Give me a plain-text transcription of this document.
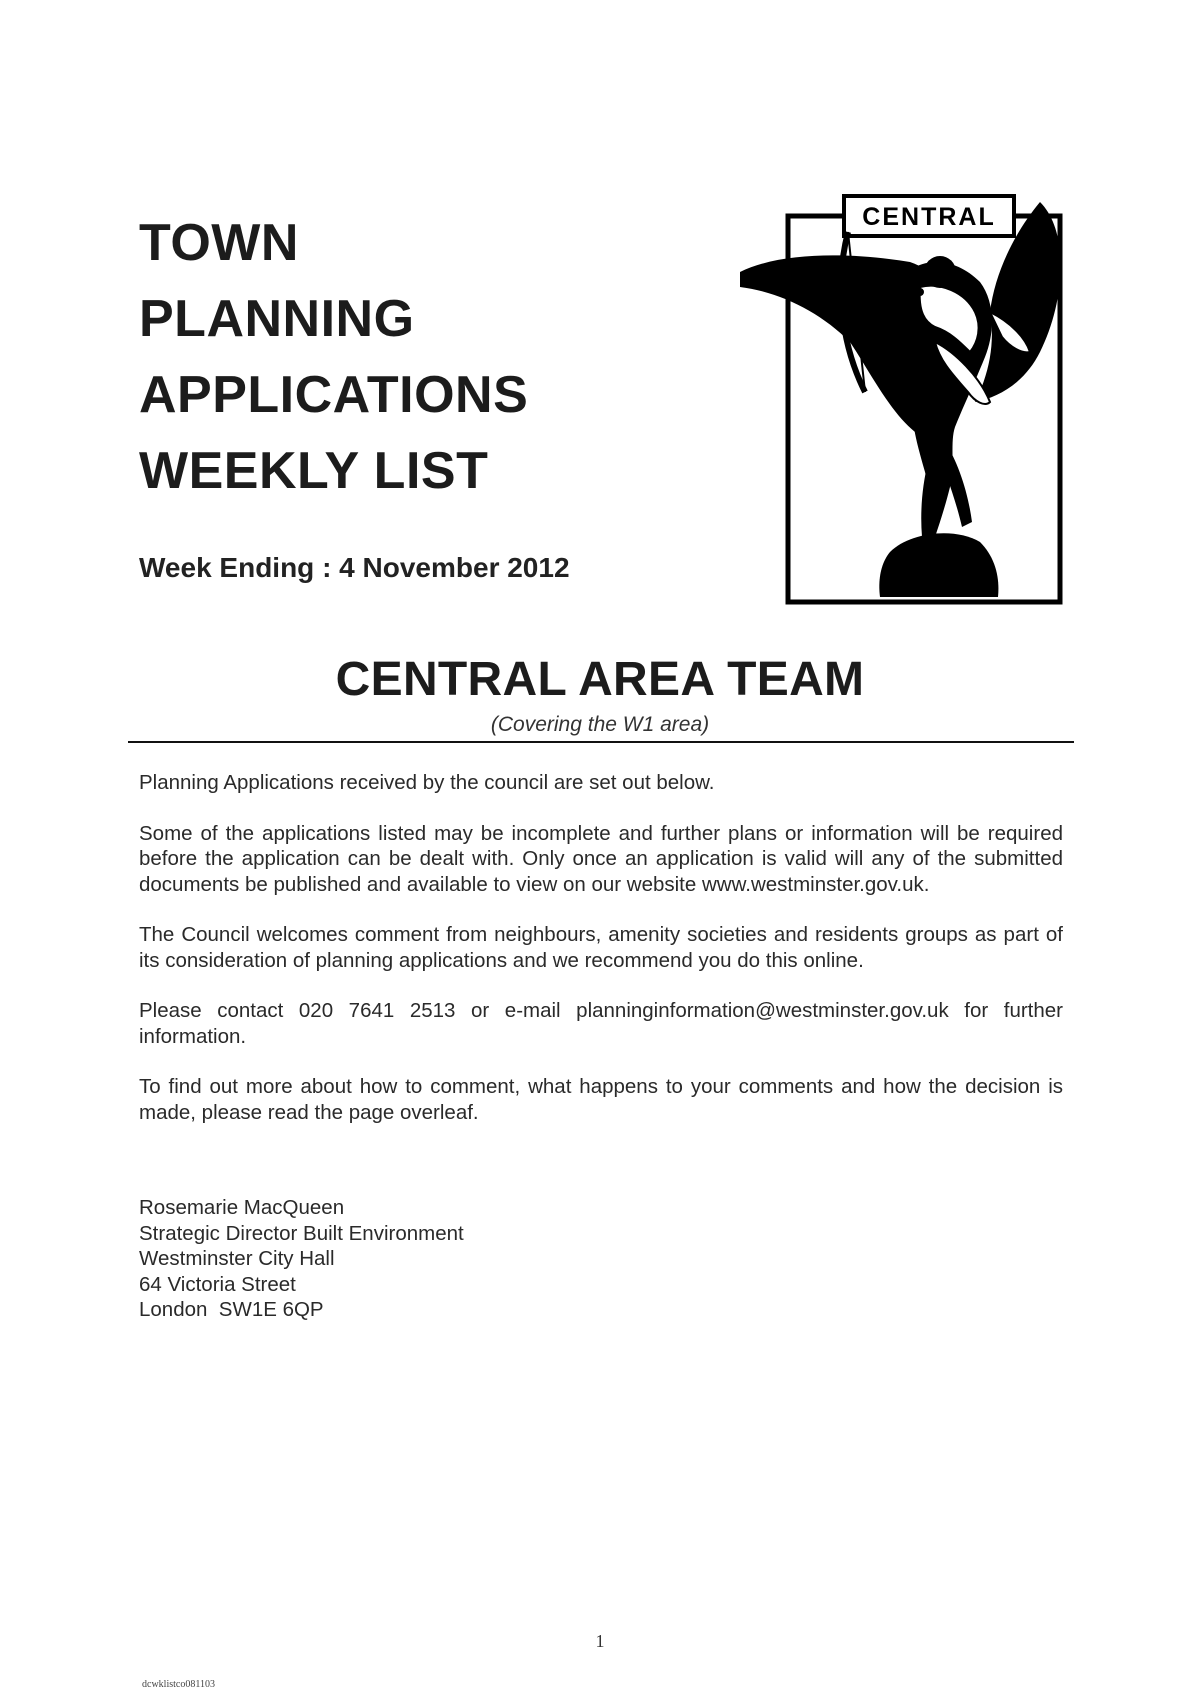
TOWN
PLANNING
APPLICATIONS
WEEKLY LIST
Week Ending : 4 November 2012
CENTRAL
CENTRAL AREA TEAM
(Covering the W1 area)

Planning Applications received by the council are set out below.

Some of the applications listed may be incomplete and further plans or information will be required before the application can be dealt with. Only once an application is valid will any of the submitted documents be published and available to view on our website www.westminster.gov.uk.

The Council welcomes comment from neighbours, amenity societies and residents groups as part of its consideration of planning applications and we recommend you do this online.

Please contact 020 7641 2513 or e-mail planninginformation@westminster.gov.uk for further information.

To find out more about how to comment, what happens to your comments and how the decision is made, please read the page overleaf.

Rosemarie MacQueen
Strategic Director Built Environment
Westminster City Hall
64 Victoria Street
London  SW1E 6QP
1
dcwklistco081103
